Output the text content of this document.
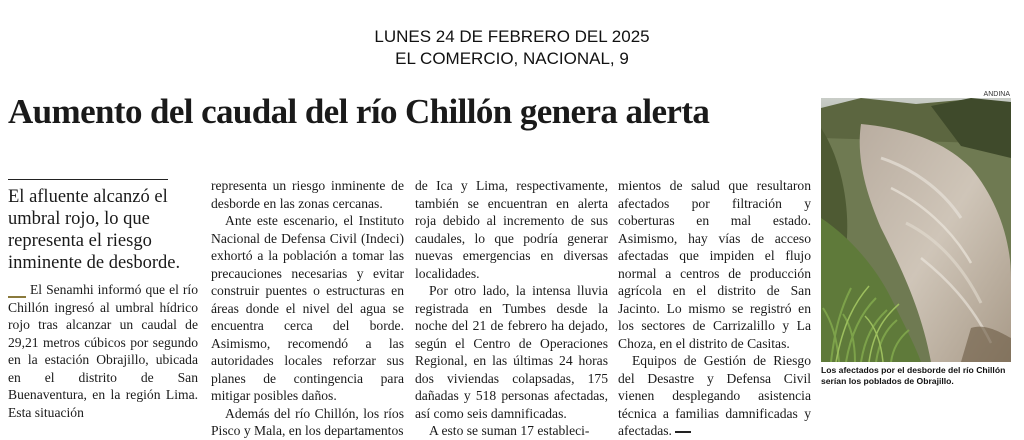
LUNES 24 DE FEBRERO DEL 2025
EL COMERCIO, NACIONAL, 9
Aumento del caudal del río Chillón genera alerta
El afluente alcanzó el umbral rojo, lo que representa el riesgo inminente de desborde.

El Senamhi informó que el río Chillón ingresó al umbral hídrico rojo tras alcanzar un caudal de 29,21 metros cúbicos por segundo en la estación Obrajillo, ubicada en el distrito de San Buenaventura, en la región Lima. Esta situación

representa un riesgo inminente de desborde en las zonas cercanas.

Ante este escenario, el Instituto Nacional de Defensa Civil (Indeci) exhortó a la población a tomar las precauciones necesarias y evitar construir puentes o estructuras en áreas donde el nivel del agua se encuentra cerca del borde. Asimismo, recomendó a las autoridades locales reforzar sus planes de contingencia para mitigar posibles daños.

Además del río Chillón, los ríos Pisco y Mala, en los departamentos

de Ica y Lima, respectivamente, también se encuentran en alerta roja debido al incremento de sus caudales, lo que podría generar nuevas emergencias en diversas localidades.

Por otro lado, la intensa lluvia registrada en Tumbes desde la noche del 21 de febrero ha dejado, según el Centro de Operaciones Regional, en las últimas 24 horas dos viviendas colapsadas, 175 dañadas y 518 personas afectadas, así como seis damnificadas.

A esto se suman 17 estableci-

mientos de salud que resultaron afectados por filtración y coberturas en mal estado. Asimismo, hay vías de acceso afectadas que impiden el flujo normal a centros de producción agrícola en el distrito de San Jacinto. Lo mismo se registró en los sectores de Carrizalillo y La Choza, en el distrito de Casitas.

Equipos de Gestión de Riesgo del Desastre y Defensa Civil vienen desplegando asistencia técnica a familias damnificadas y afectadas.

ANDINA
Los afectados por el desborde del río Chillón serían los poblados de Obrajillo.
